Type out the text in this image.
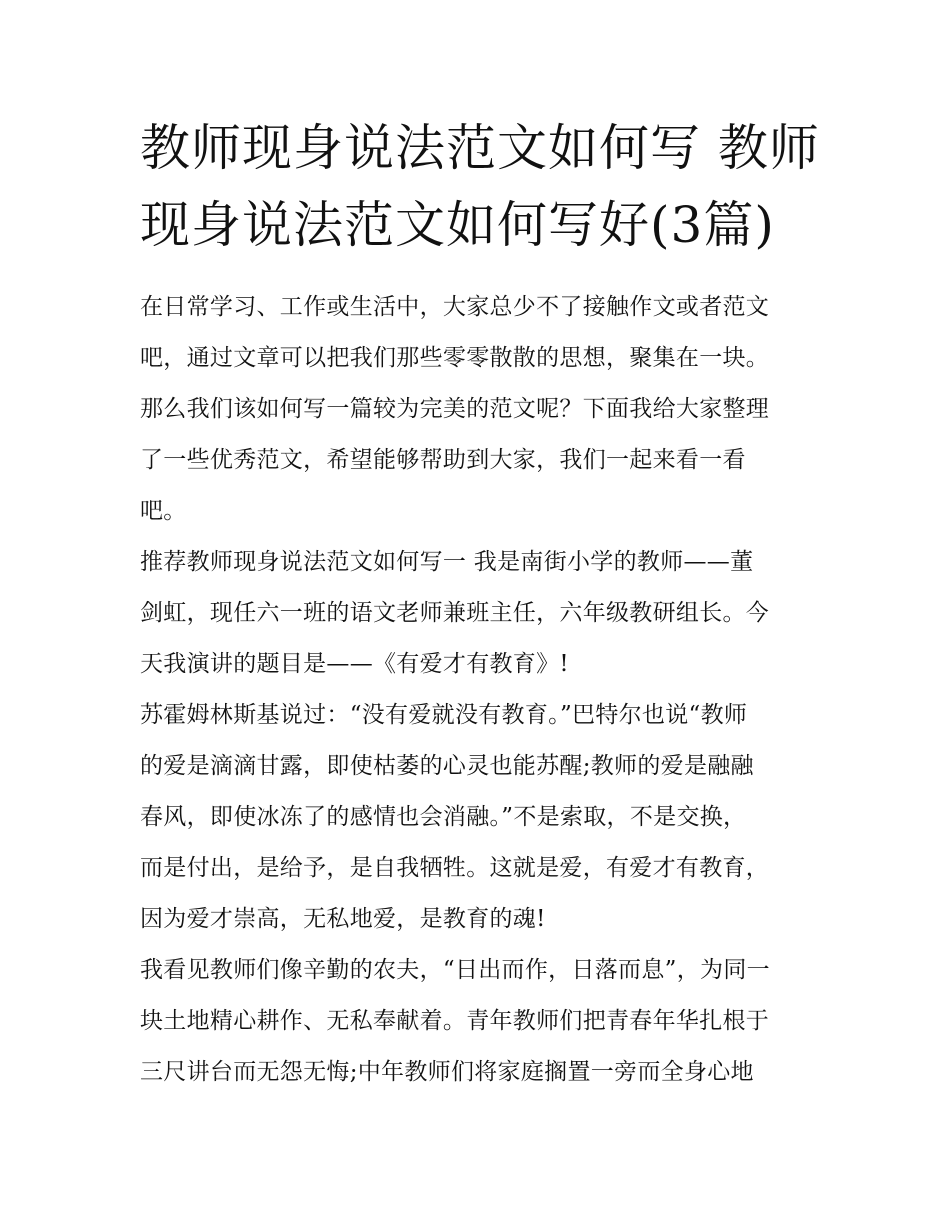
教师现身说法范文如何写 教师
现身说法范文如何写好(3篇)
在日常学习、工作或生活中，大家总少不了接触作文或者范文
吧，通过文章可以把我们那些零零散散的思想，聚集在一块。
那么我们该如何写一篇较为完美的范文呢？下面我给大家整理
了一些优秀范文，希望能够帮助到大家，我们一起来看一看
吧。
推荐教师现身说法范文如何写一 我是南街小学的教师——董
剑虹，现任六一班的语文老师兼班主任，六年级教研组长。今
天我演讲的题目是——《有爱才有教育》!
苏霍姆林斯基说过：“没有爱就没有教育。”巴特尔也说“教师
的爱是滴滴甘露，即使枯萎的心灵也能苏醒;教师的爱是融融
春风，即使冰冻了的感情也会消融。”不是索取，不是交换，
而是付出，是给予，是自我牺牲。这就是爱，有爱才有教育，
因为爱才崇高，无私地爱，是教育的魂!
我看见教师们像辛勤的农夫，“日出而作，日落而息”，为同一
块土地精心耕作、无私奉献着。青年教师们把青春年华扎根于
三尺讲台而无怨无悔;中年教师们将家庭搁置一旁而全身心地
